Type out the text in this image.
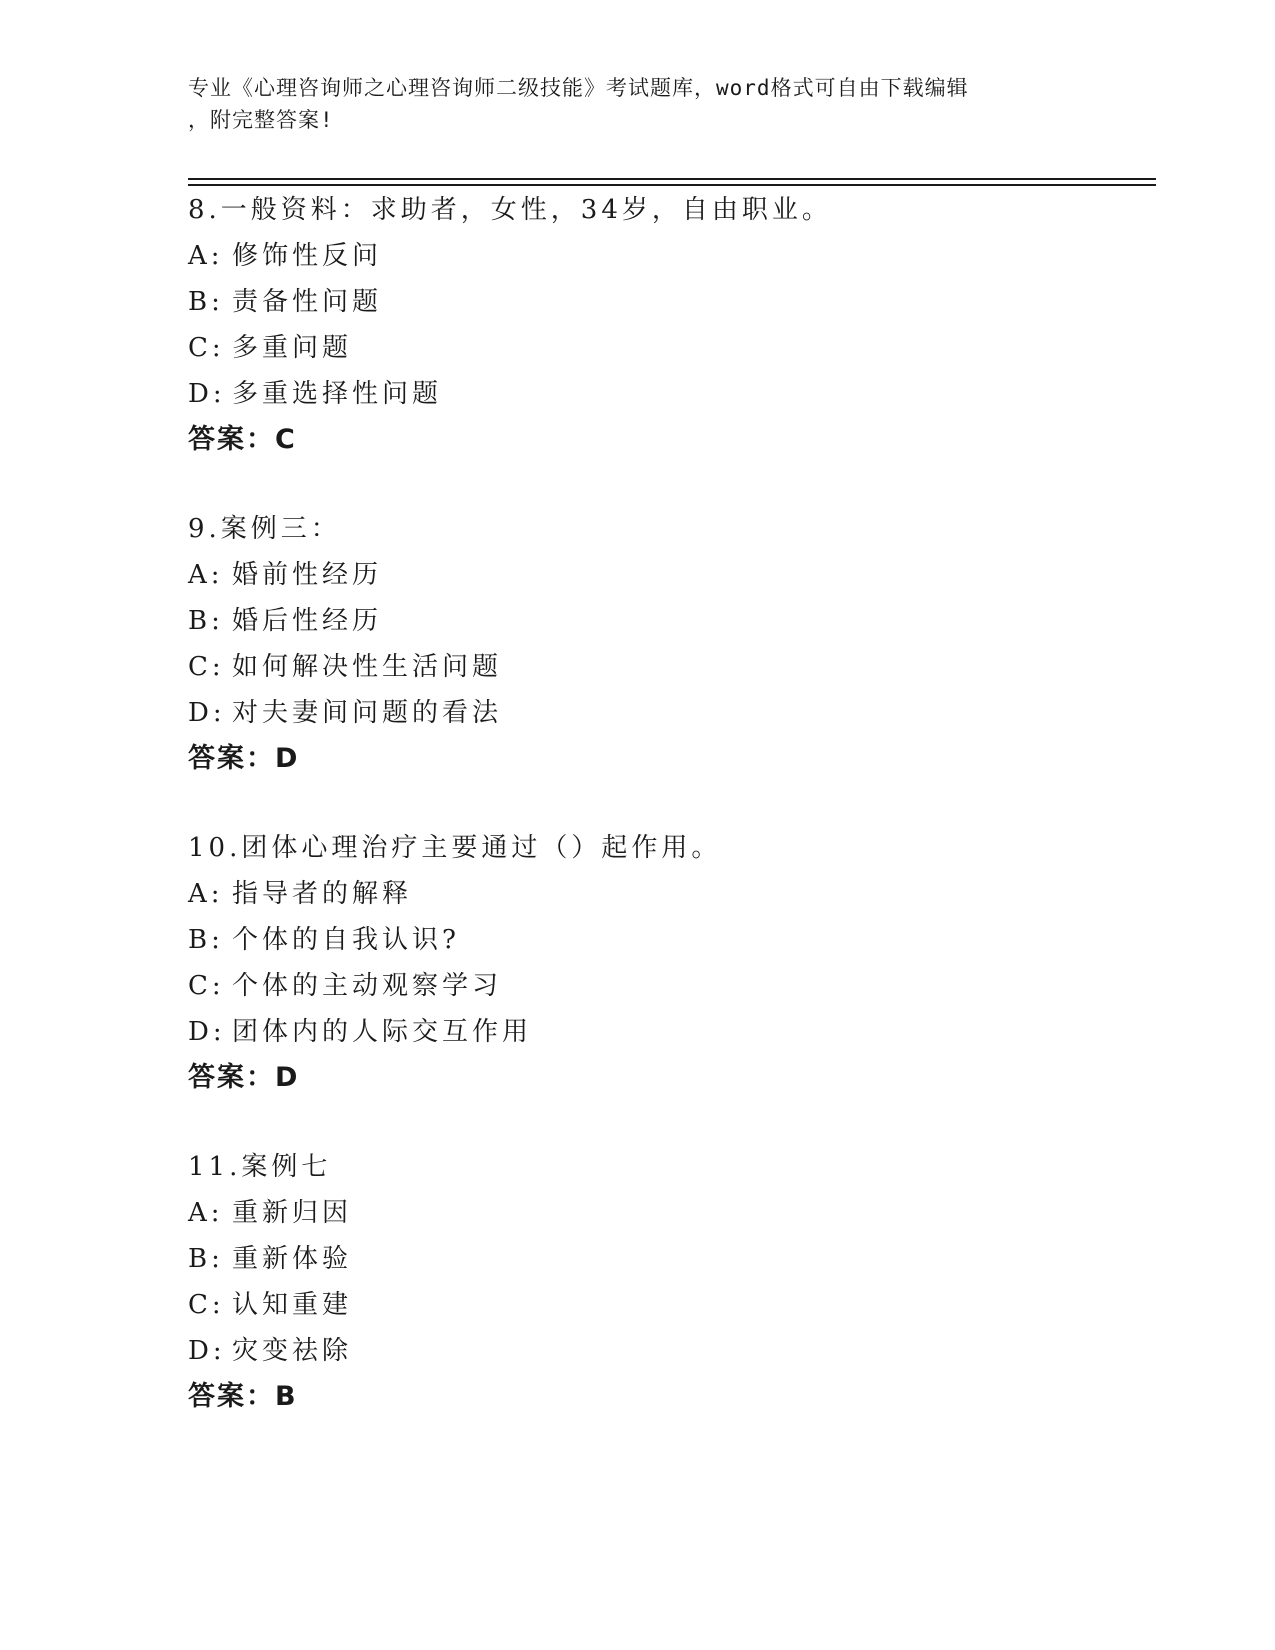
专业《心理咨询师之心理咨询师二级技能》考试题库，word格式可自由下载编辑
，附完整答案!
8.一般资料：求助者，女性，34岁，自由职业。
A: 修饰性反问
B: 责备性问题
C: 多重问题
D: 多重选择性问题
答案：C
9.案例三：
A: 婚前性经历
B: 婚后性经历
C: 如何解决性生活问题
D: 对夫妻间问题的看法
答案：D
10.团体心理治疗主要通过（）起作用。
A: 指导者的解释
B: 个体的自我认识?
C: 个体的主动观察学习
D: 团体内的人际交互作用
答案：D
11.案例七
A: 重新归因
B: 重新体验
C: 认知重建
D: 灾变祛除
答案：B
